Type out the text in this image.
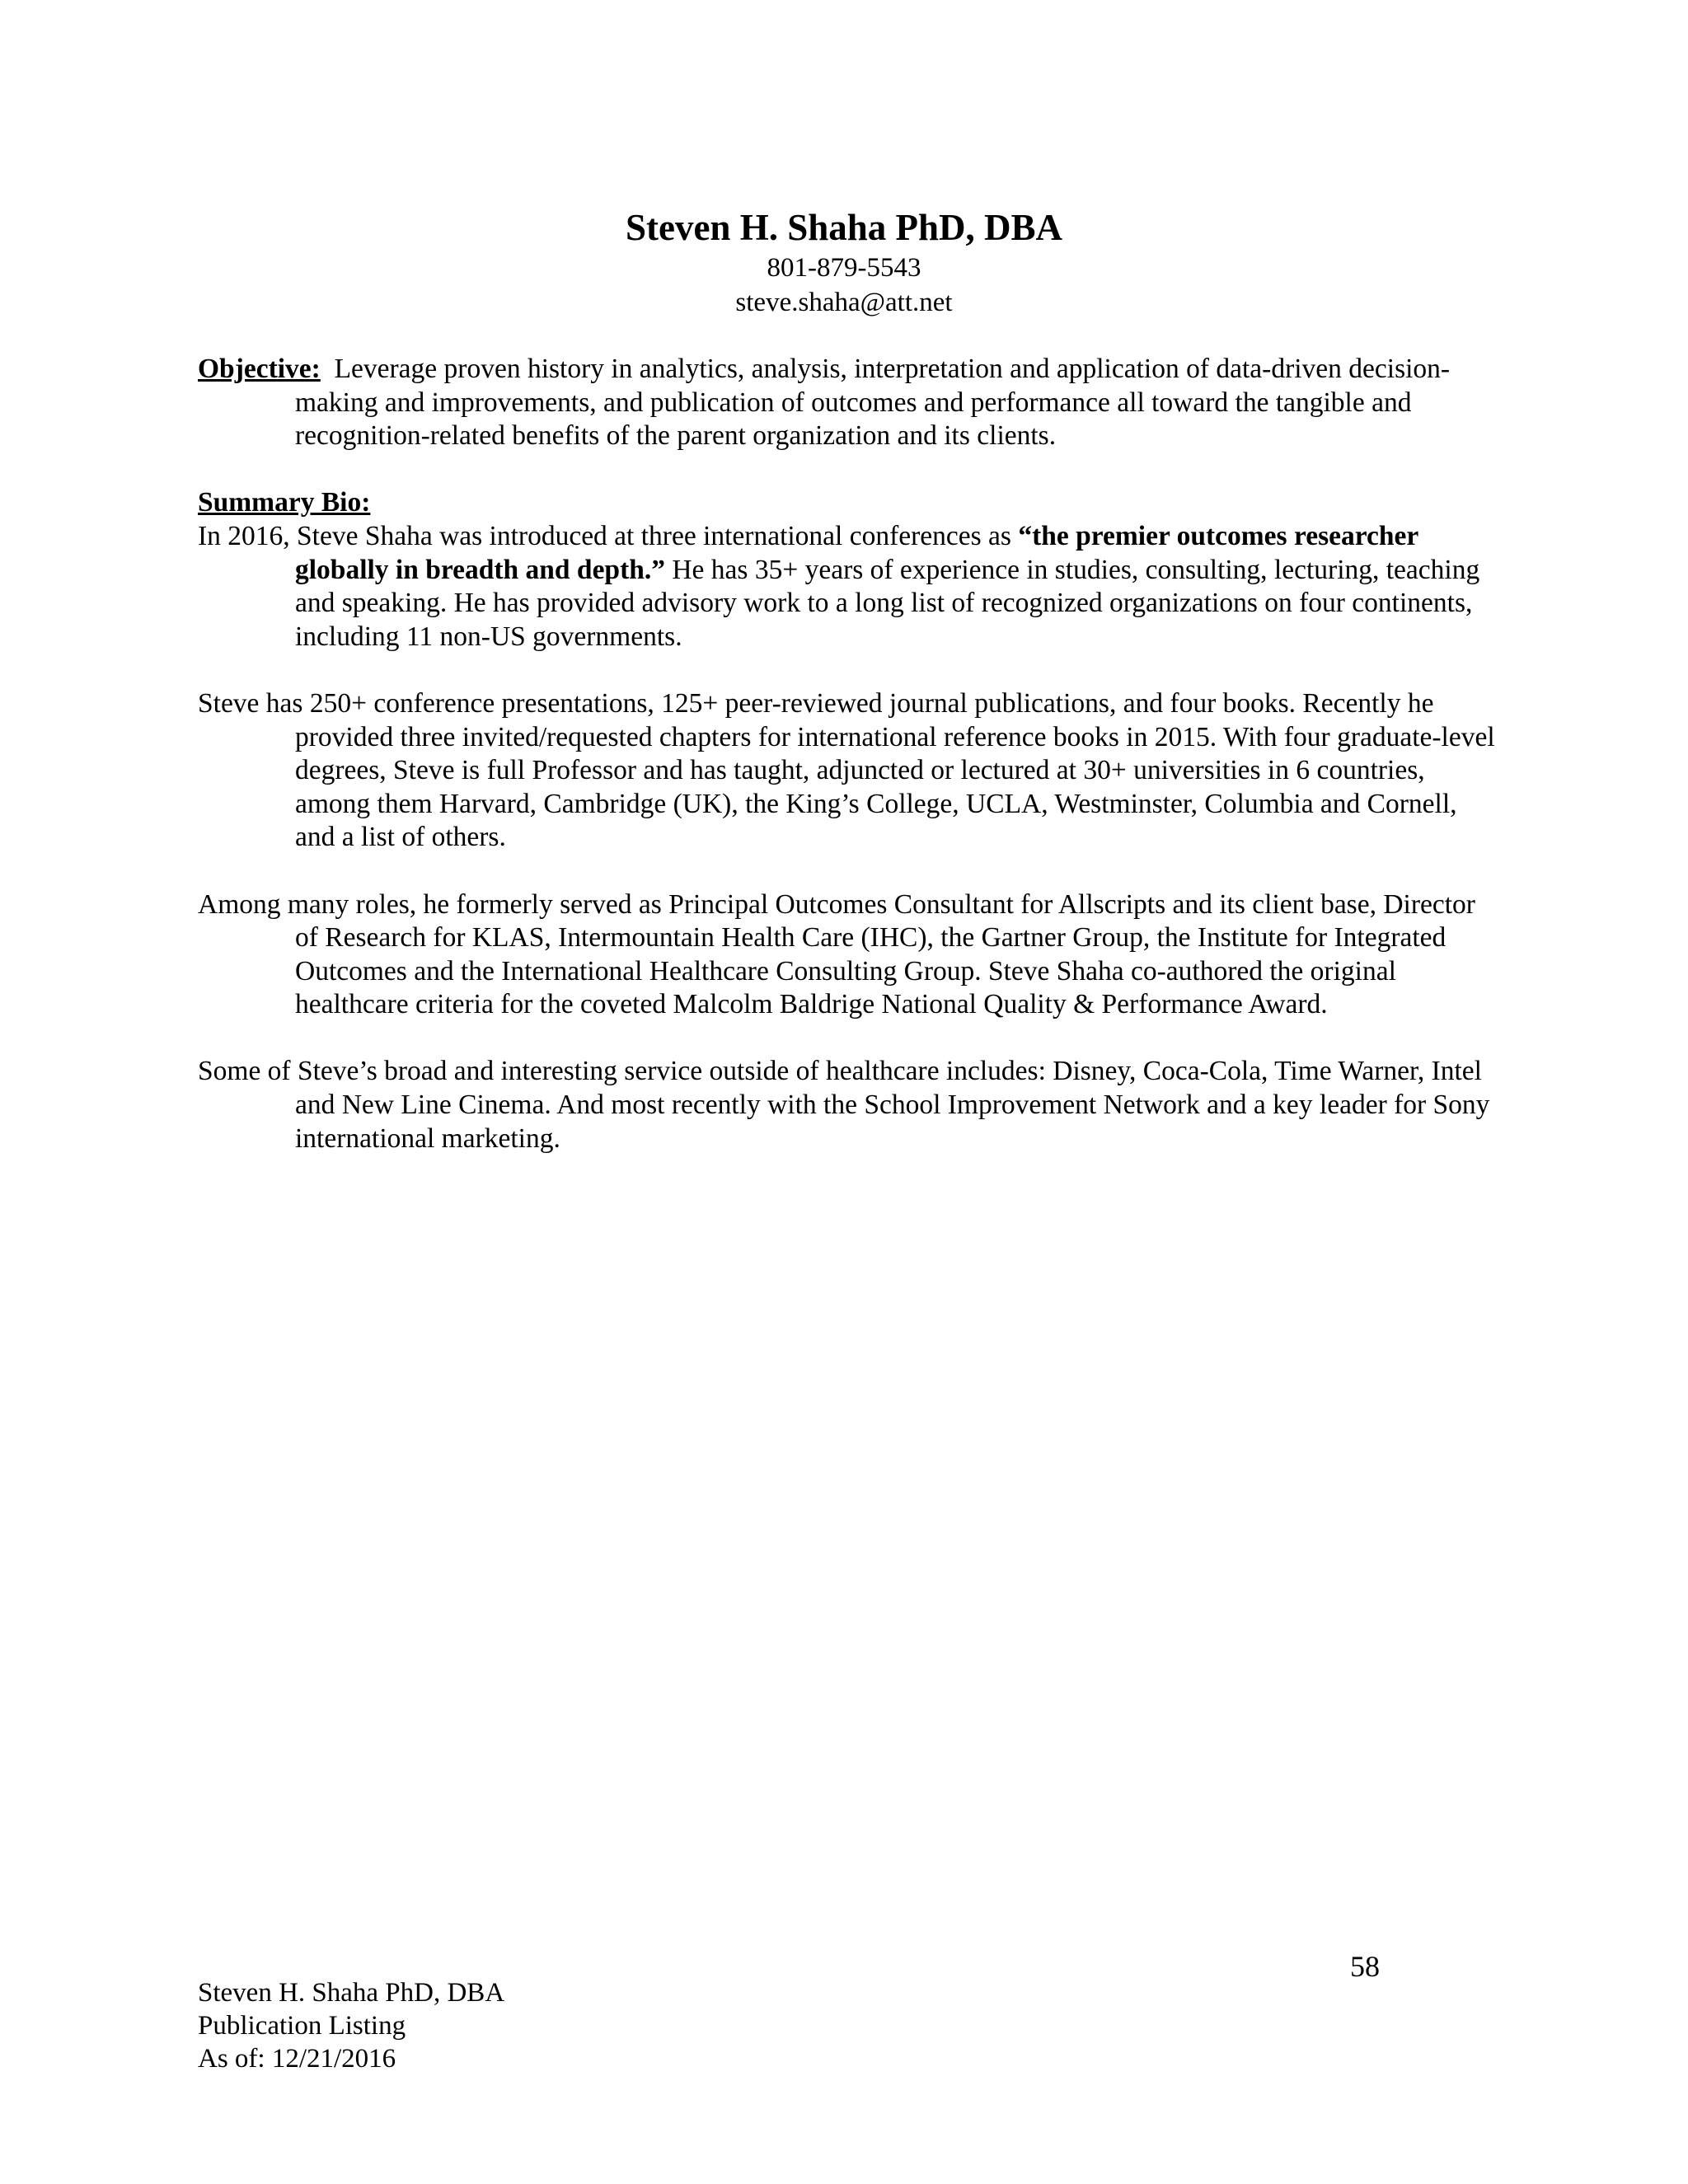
Steven H. Shaha PhD, DBA
801-879-5543
steve.shaha@att.net

Objective: Leverage proven history in analytics, analysis, interpretation and application of data-driven decision-making and improvements, and publication of outcomes and performance all toward the tangible and recognition-related benefits of the parent organization and its clients.

Summary Bio:

In 2016, Steve Shaha was introduced at three international conferences as “the premier outcomes researcher globally in breadth and depth.” He has 35+ years of experience in studies, consulting, lecturing, teaching and speaking. He has provided advisory work to a long list of recognized organizations on four continents, including 11 non-US governments.

Steve has 250+ conference presentations, 125+ peer-reviewed journal publications, and four books. Recently he provided three invited/requested chapters for international reference books in 2015. With four graduate-level degrees, Steve is full Professor and has taught, adjuncted or lectured at 30+ universities in 6 countries, among them Harvard, Cambridge (UK), the King’s College, UCLA, Westminster, Columbia and Cornell, and a list of others.

Among many roles, he formerly served as Principal Outcomes Consultant for Allscripts and its client base, Director of Research for KLAS, Intermountain Health Care (IHC), the Gartner Group, the Institute for Integrated Outcomes and the International Healthcare Consulting Group. Steve Shaha co-authored the original healthcare criteria for the coveted Malcolm Baldrige National Quality & Performance Award.

Some of Steve’s broad and interesting service outside of healthcare includes: Disney, Coca-Cola, Time Warner, Intel and New Line Cinema. And most recently with the School Improvement Network and a key leader for Sony international marketing.

58
Steven H. Shaha PhD, DBA
Publication Listing
As of: 12/21/2016
